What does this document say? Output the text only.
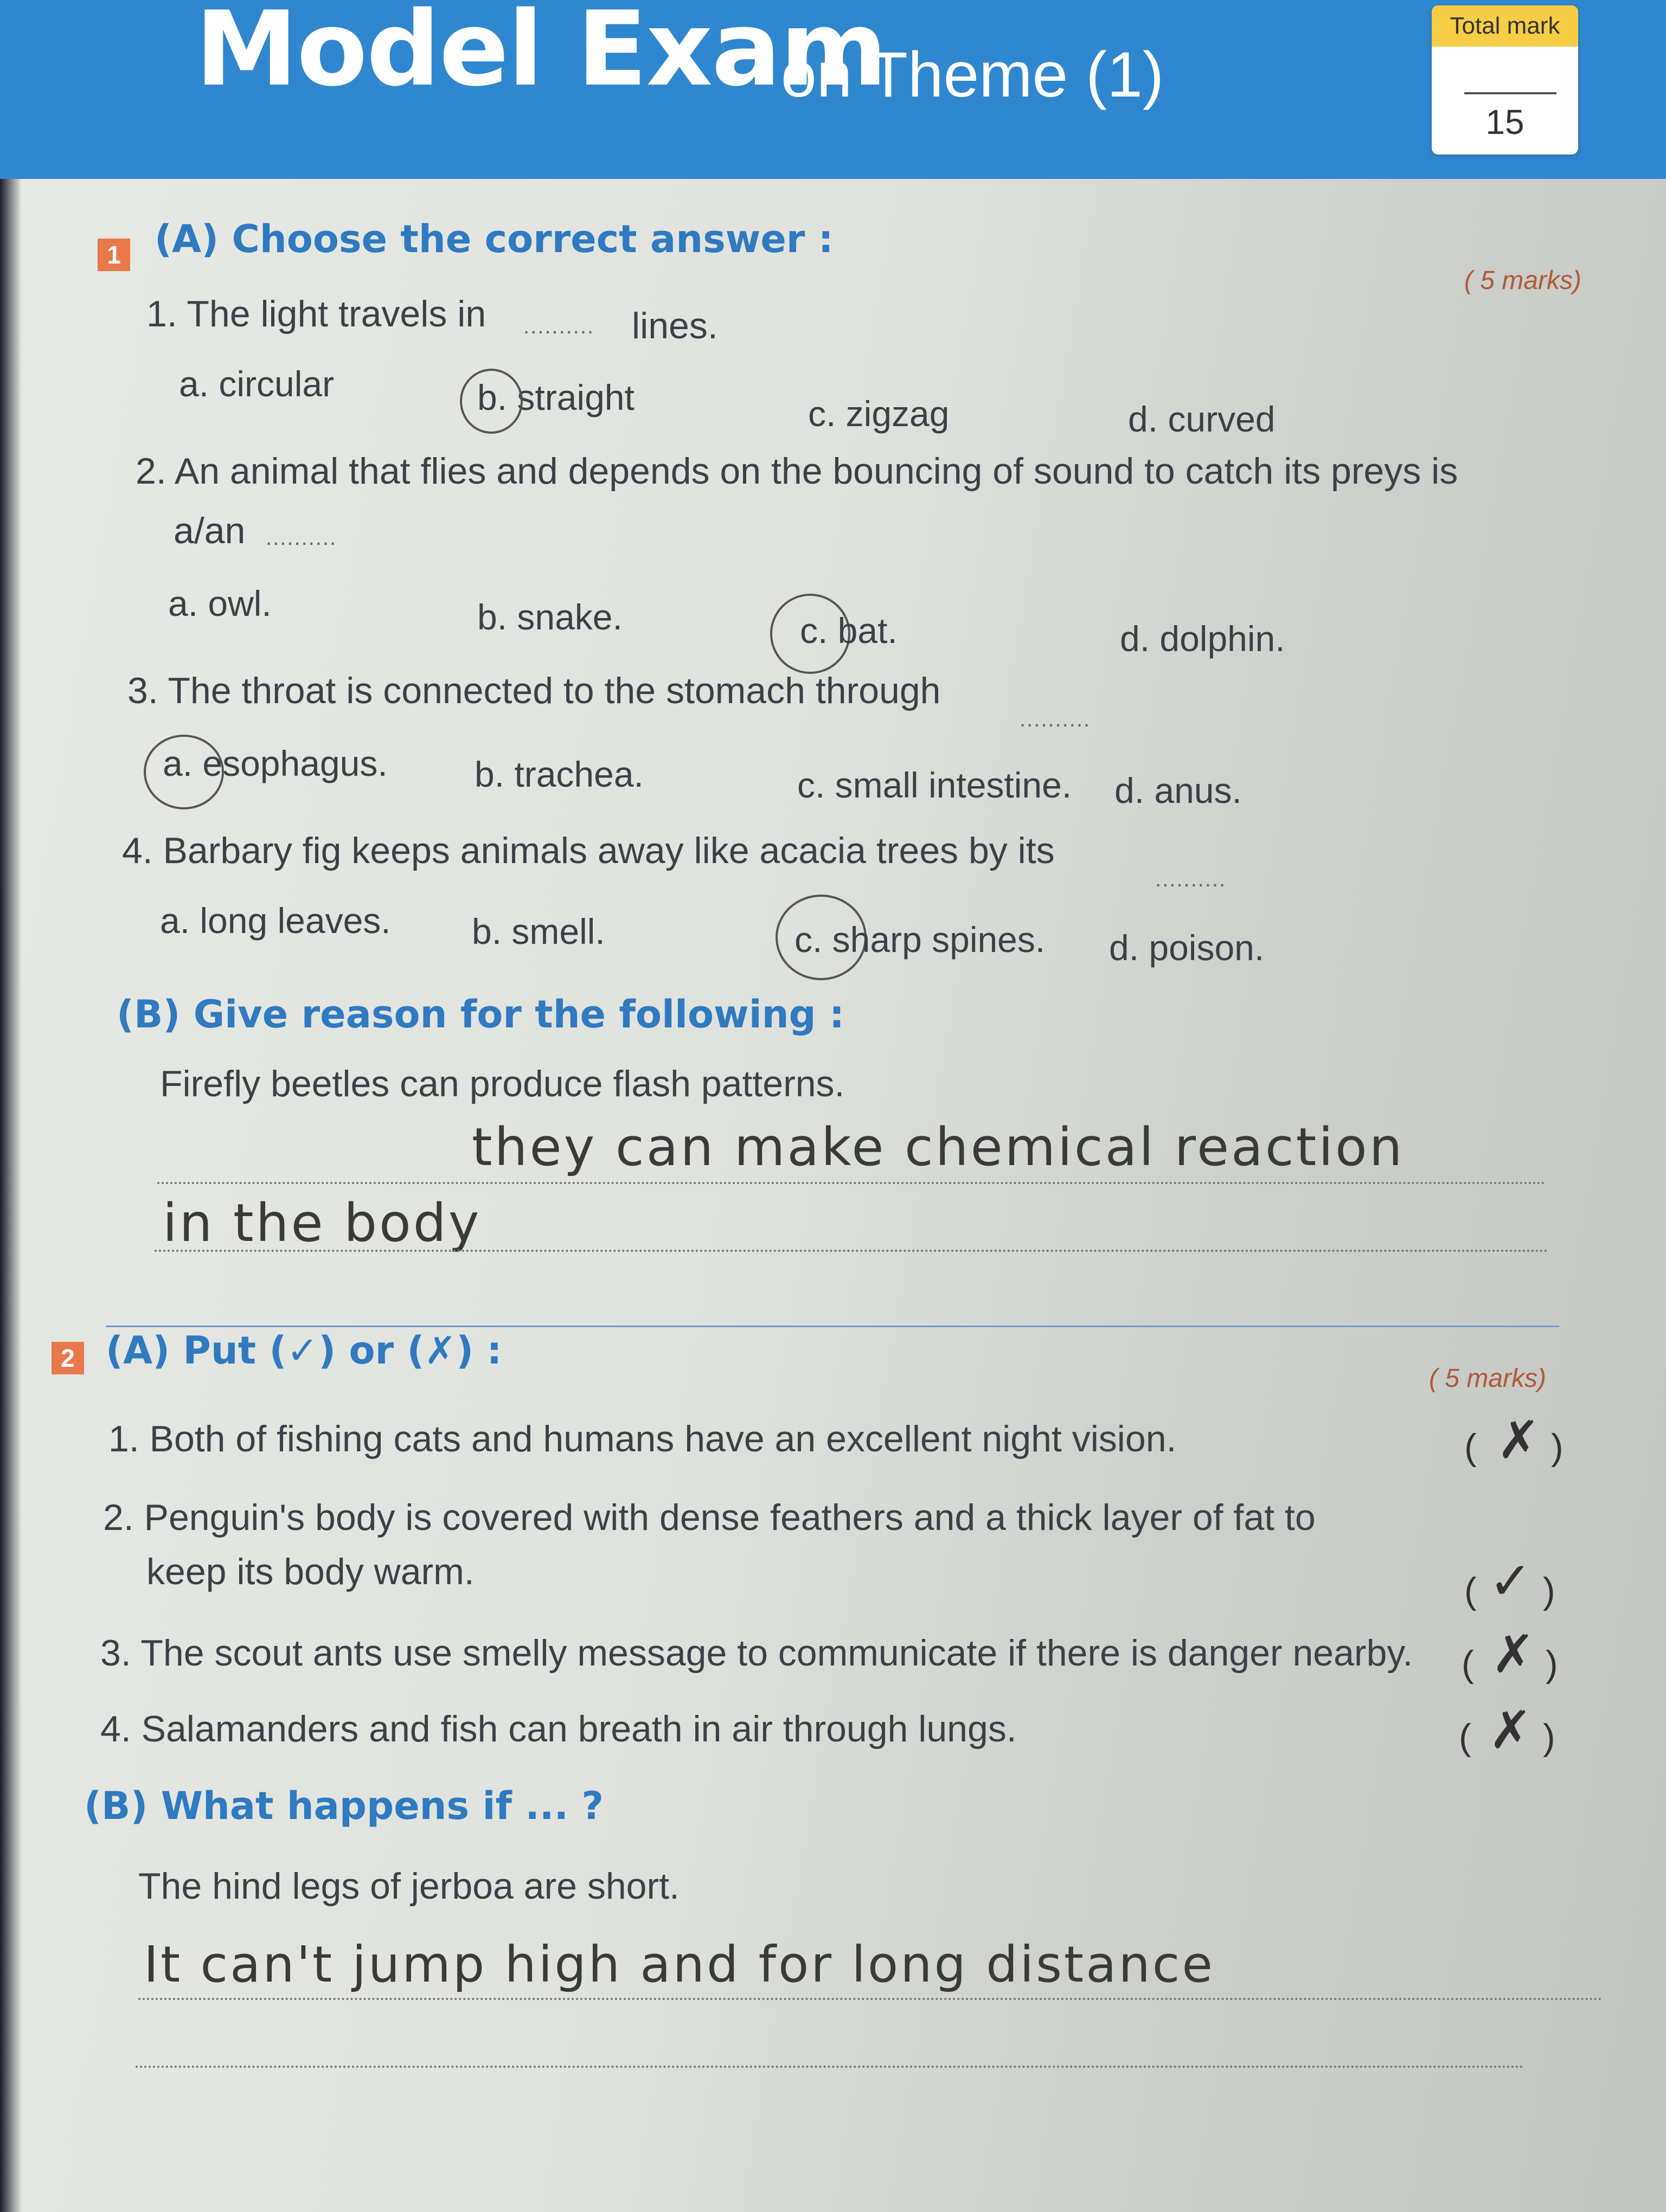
Model Exam
on Theme (1)
Total mark
15
1 (A) Choose the correct answer :
( 5 marks)
1. The light travels in .......... lines.
a. circular	b. straight	c. zigzag	d. curved
2. An animal that flies and depends on the bouncing of sound to catch its preys is
a/an ..........
a. owl.	b. snake.	c. bat.	d. dolphin.
3. The throat is connected to the stomach through
..........
a. esophagus. b. trachea.	c. small intestine. d. anus.
4. Barbary fig keeps animals away like acacia trees by its
..........
a. long leaves. b. smell.	c. sharp spines. d. poison.
(B) Give reason for the following :
Firefly beetles can produce flash patterns.
they can make chemical reaction
in the body
2 (A) Put (✓) or (✗) :
( 5 marks)
1. Both of fishing cats and humans have an excellent night vision.	( ✗ )
2. Penguin's body is covered with dense feathers and a thick layer of fat to
keep its body warm.	( ✓ )
3. The scout ants use smelly message to communicate if there is danger nearby. ( ✗ )
4. Salamanders and fish can breath in air through lungs.	( ✗ )
(B) What happens if ... ?
The hind legs of jerboa are short.
It can't jump high and for long distance
